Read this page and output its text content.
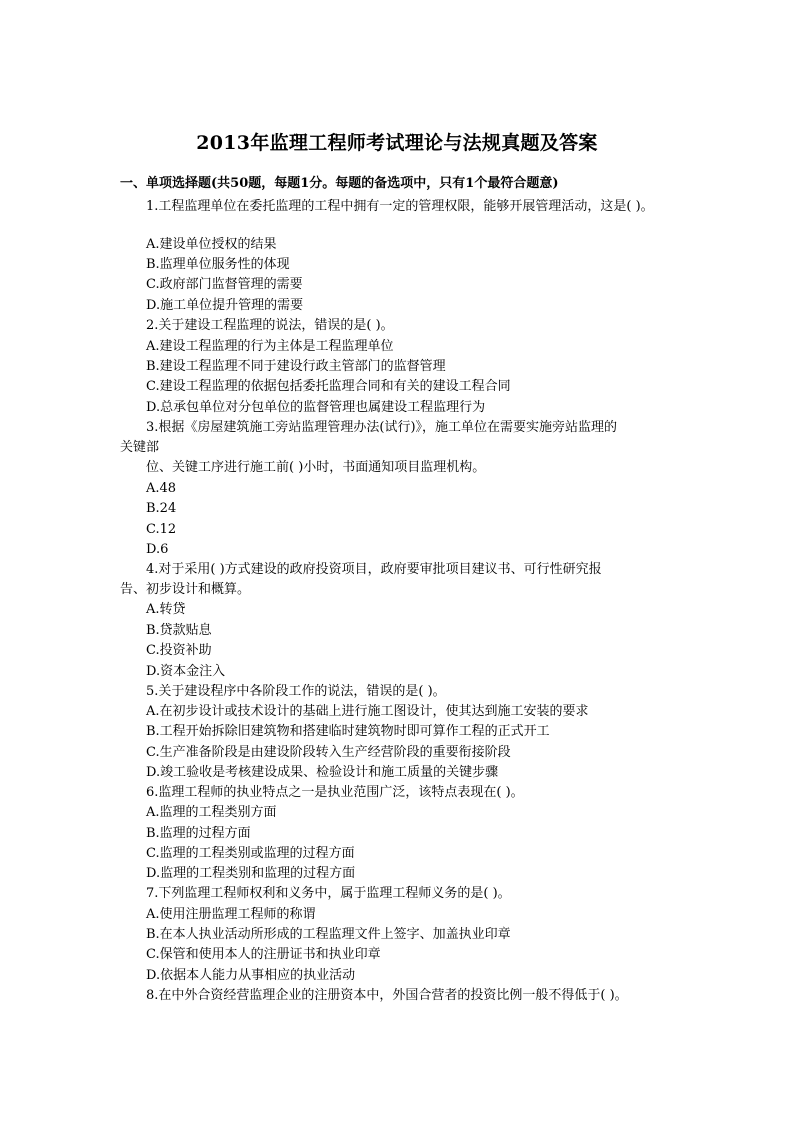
2013年监理工程师考试理论与法规真题及答案
一、单项选择题(共50题，每题1分。每题的备选项中，只有1个最符合题意)
1.工程监理单位在委托监理的工程中拥有一定的管理权限，能够开展管理活动，这是( )。
A.建设单位授权的结果
B.监理单位服务性的体现
C.政府部门监督管理的需要
D.施工单位提升管理的需要
2.关于建设工程监理的说法，错误的是( )。
A.建设工程监理的行为主体是工程监理单位
B.建设工程监理不同于建设行政主管部门的监督管理
C.建设工程监理的依据包括委托监理合同和有关的建设工程合同
D.总承包单位对分包单位的监督管理也属建设工程监理行为
3.根据《房屋建筑施工旁站监理管理办法(试行)》，施工单位在需要实施旁站监理的
关键部
位、关键工序进行施工前( )小时，书面通知项目监理机构。
A.48
B.24
C.12
D.6
4.对于采用( )方式建设的政府投资项目，政府要审批项目建议书、可行性研究报
告、初步设计和概算。
A.转贷
B.贷款贴息
C.投资补助
D.资本金注入
5.关于建设程序中各阶段工作的说法，错误的是( )。
A.在初步设计或技术设计的基础上进行施工图设计，使其达到施工安装的要求
B.工程开始拆除旧建筑物和搭建临时建筑物时即可算作工程的正式开工
C.生产准备阶段是由建设阶段转入生产经营阶段的重要衔接阶段
D.竣工验收是考核建设成果、检验设计和施工质量的关键步骤
6.监理工程师的执业特点之一是执业范围广泛，该特点表现在( )。
A.监理的工程类别方面
B.监理的过程方面
C.监理的工程类别或监理的过程方面
D.监理的工程类别和监理的过程方面
7.下列监理工程师权利和义务中，属于监理工程师义务的是( )。
A.使用注册监理工程师的称谓
B.在本人执业活动所形成的工程监理文件上签字、加盖执业印章
C.保管和使用本人的注册证书和执业印章
D.依据本人能力从事相应的执业活动
8.在中外合资经营监理企业的注册资本中，外国合营者的投资比例一般不得低于( )。
